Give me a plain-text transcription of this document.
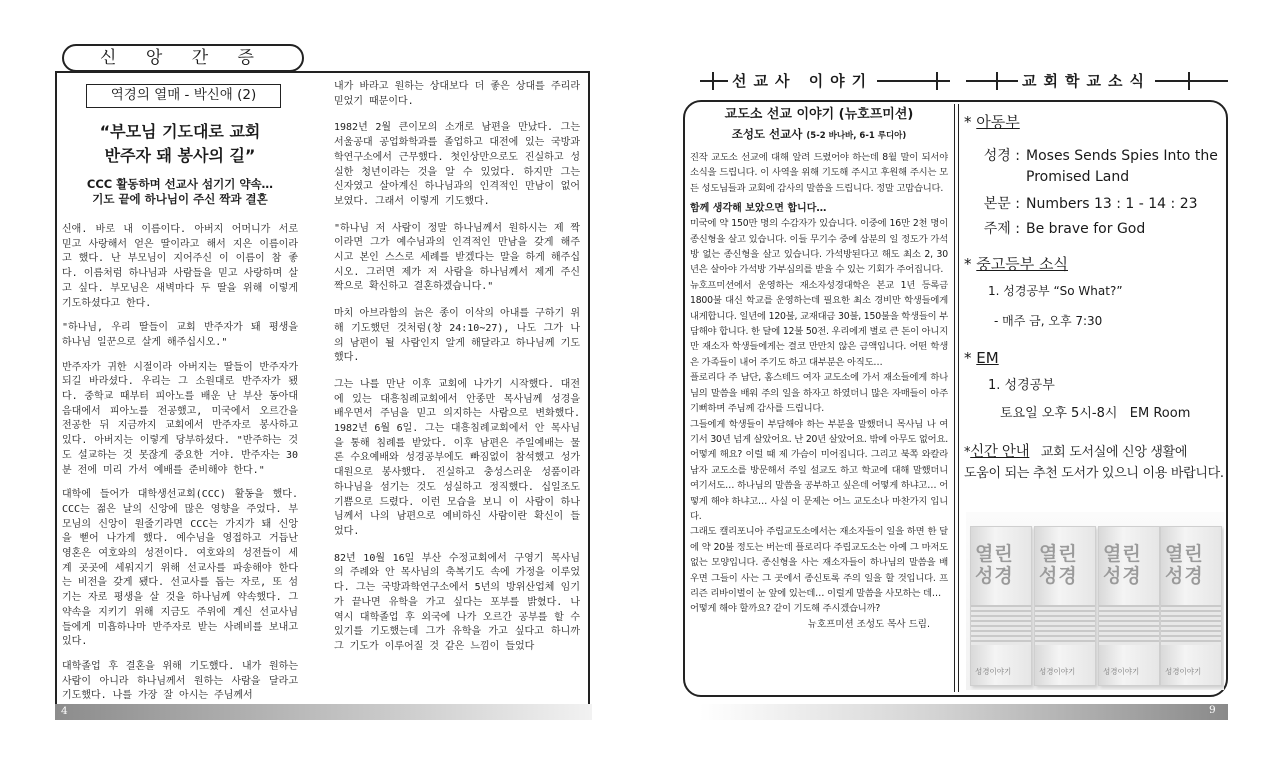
신 앙 간 증
역경의 열매 - 박신애 (2)
“부모님 기도대로 교회
반주자 돼 봉사의 길”
CCC 활동하며 선교사 섬기기 약속…
기도 끝에 하나님이 주신 짝과 결혼

신애. 바로 내 이름이다. 아버지 어머니가 서로 믿고 사랑해서 얻은 딸이라고 해서 지은 이름이라고 했다. 난 부모님이 지어주신 이 이름이 참 좋다. 이름처럼 하나님과 사람들을 믿고 사랑하며 살고 싶다. 부모님은 새벽마다 두 딸을 위해 이렇게 기도하셨다고 한다.

"하나님, 우리 딸들이 교회 반주자가 돼 평생을 하나님 일꾼으로 살게 해주십시오."

반주자가 귀한 시절이라 아버지는 딸들이 반주자가 되길 바라셨다. 우리는 그 소원대로 반주자가 됐다. 중학교 때부터 피아노를 배운 난 부산 동아대 음대에서 피아노를 전공했고, 미국에서 오르간을 전공한 뒤 지금까지 교회에서 반주자로 봉사하고 있다. 아버지는 이렇게 당부하셨다. "반주하는 것도 설교하는 것 못잖게 중요한 거야. 반주자는 30분 전에 미리 가서 예배를 준비해야 한다."

대학에 들어가 대학생선교회(CCC) 활동을 했다. CCC는 젊은 날의 신앙에 많은 영향을 주었다. 부모님의 신앙이 원줄기라면 CCC는 가지가 돼 신앙을 뻗어 나가게 했다. 예수님을 영접하고 거듭난 영혼은 여호와의 성전이다. 여호와의 성전들이 세계 곳곳에 세워지기 위해 선교사를 파송해야 한다는 비전을 갖게 됐다. 선교사를 돕는 자로, 또 섬기는 자로 평생을 살 것을 하나님께 약속했다. 그 약속을 지키기 위해 지금도 주위에 계신 선교사님들에게 미흡하나마 반주자로 받는 사례비를 보내고 있다.

대학졸업 후 결혼을 위해 기도했다. 내가 원하는 사람이 아니라 하나님께서 원하는 사람을 달라고 기도했다. 나를 가장 잘 아시는 주님께서

내가 바라고 원하는 상대보다 더 좋은 상대를 주리라 믿었기 때문이다.

1982년 2월 큰이모의 소개로 남편을 만났다. 그는 서울공대 공업화학과를 졸업하고 대전에 있는 국방과학연구소에서 근무했다. 첫인상만으로도 진실하고 성실한 청년이라는 것을 알 수 있었다. 하지만 그는 신자였고 살아계신 하나님과의 인격적인 만남이 없어 보였다. 그래서 이렇게 기도했다.

"하나님 저 사람이 정말 하나님께서 원하시는 제 짝이라면 그가 예수님과의 인격적인 만남을 갖게 해주시고 본인 스스로 세례를 받겠다는 말을 하게 해주십시오. 그러면 제가 저 사람을 하나님께서 제게 주신 짝으로 확신하고 결혼하겠습니다."

마치 아브라함의 늙은 종이 이삭의 아내를 구하기 위해 기도했던 것처럼(창 24:10∼27), 나도 그가 나의 남편이 될 사람인지 알게 해달라고 하나님께 기도했다.

그는 나를 만난 이후 교회에 나가기 시작했다. 대전에 있는 대흥침례교회에서 안종만 목사님께 성경을 배우면서 주님을 믿고 의지하는 사람으로 변화했다. 1982년 6월 6일. 그는 대흥침례교회에서 안 목사님을 통해 침례를 받았다. 이후 남편은 주일예배는 물론 수요예배와 성경공부에도 빠짐없이 참석했고 성가대원으로 봉사했다. 진실하고 충성스러운 성품이라 하나님을 섬기는 것도 성실하고 정직했다. 십일조도 기쁨으로 드렸다. 이런 모습을 보니 이 사람이 하나님께서 나의 남편으로 예비하신 사람이란 확신이 들었다.

82년 10월 16일 부산 수정교회에서 구영기 목사님의 주례와 안 목사님의 축복기도 속에 가정을 이루었다. 그는 국방과학연구소에서 5년의 방위산업체 임기가 끝나면 유학을 가고 싶다는 포부를 밝혔다. 나 역시 대학졸업 후 외국에 나가 오르간 공부를 할 수 있기를 기도했는데 그가 유학을 가고 싶다고 하니까 그 기도가 이루어질 것 같은 느낌이 들었다

4
선교사 이야기	교회학교소식
교도소 선교 이야기 (뉴호프미션)
조성도 선교사 (5-2 바나바, 6-1 루디아)

진작 교도소 선교에 대해 알려 드렸어야 하는데 8월 말이 되서야 소식을 드립니다. 이 사역을 위해 기도해 주시고 후원해 주시는 모든 성도님들과 교회에 감사의 말씀을 드립니다. 정말 고맙습니다.

함께 생각해 보았으면 합니다…

미국에 약 150만 명의 수감자가 있습니다. 이중에 16만 2천 명이 종신형을 살고 있습니다. 이들 무기수 중에 삼분의 일 정도가 가석방 없는 종신형을 살고 있습니다. 가석방된다고 해도 최소 2, 30년은 살아야 가석방 가부심의를 받을 수 있는 기회가 주어집니다.

뉴호프미션에서 운영하는 재소자성경대학은 본교 1년 등록금 1800불 대신 학교를 운영하는데 필요한 최소 경비만 학생들에게 내게합니다. 일년에 120불, 교재대금 30불, 150불을 학생들이 부담해야 합니다. 한 달에 12불 50전. 우리에게 별로 큰 돈이 아니지만 재소자 학생들에게는 결코 만만치 않은 금액입니다. 어떤 학생은 가족들이 내어 주기도 하고 대부분은 아직도…

플로리다 주 남단, 홈스테드 여자 교도소에 가서 재소들에게 하나님의 말씀을 배워 주의 일을 하자고 하였더니 많은 자매들이 아주 기뻐하며 주님께 감사를 드립니다.

그들에게 학생들이 부담해야 하는 부분을 말했더니 목사님 나 여기서 30년 넘게 살았어요. 난 20년 살았어요. 밖에 아무도 없어요. 어떻게 해요? 이럴 때 제 가슴이 미어집니다. 그리고 북쪽 와칼라 남자 교도소를 방문해서 주일 설교도 하고 학교에 대해 말했더니 여기서도… 하나님의 말씀을 공부하고 싶은데 어떻게 하냐고… 어떻게 해야 하냐고… 사실 이 문제는 어느 교도소나 마찬가지 입니다.

그래도 캘리포니아 주립교도소에서는 재소자들이 일을 하면 한 달에 약 20불 정도는 버는데 플로리다 주립교도소는 아예 그 마저도 없는 모양입니다. 종신형을 사는 재소자들이 하나님의 말씀을 배우면 그들이 사는 그 곳에서 종신토록 주의 일을 할 것입니다. 프리즌 리바이벌이 눈 앞에 있는데… 이럴게 말씀을 사모하는 데…

어떻게 해야 할까요? 같이 기도해 주시겠습니까?

뉴호프미션 조성도 목사 드림.

* 아동부
성경 : Moses Sends Spies Into the Promised Land
본문 : Numbers 13 : 1 - 14 : 23
주제 : Be brave for God
* 중고등부 소식
1. 성경공부 “So What?”
- 매주 금, 오후 7:30
* EM
1. 성경공부
토요일 오후 5시-8시   EM Room
*신간 안내 교회 도서실에 신앙 생활에
도움이 되는 추천 도서가 있으니 이용 바랍니다.
열린 성경
성경이야기
열린 성경
성경이야기
열린 성경
성경이야기
열린 성경
성경이야기
9
